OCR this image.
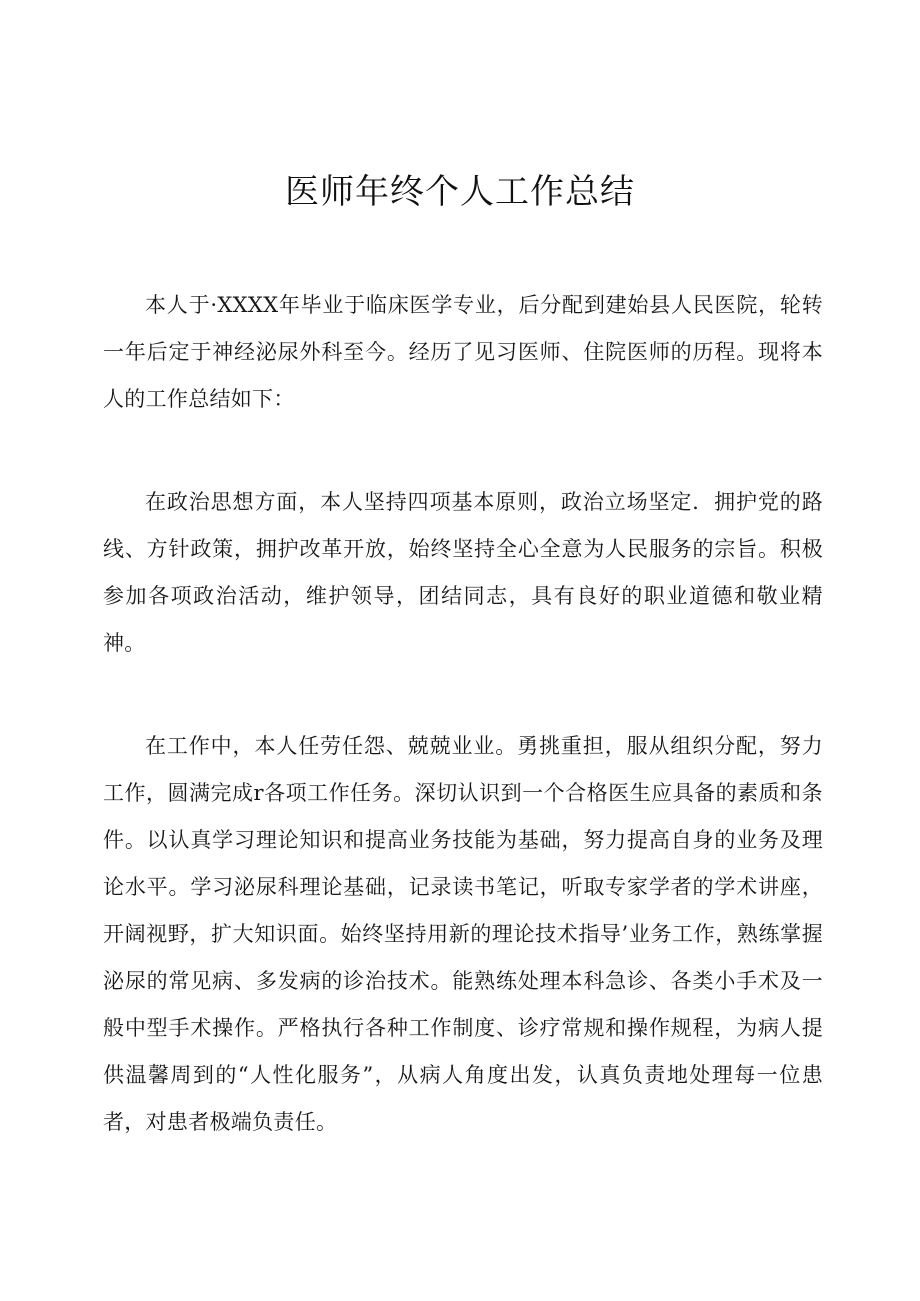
医师年终个人工作总结

本人于·XXXX年毕业于临床医学专业，后分配到建始县人民医院，轮转一年后定于神经泌尿外科至今。经历了见习医师、住院医师的历程。现将本人的工作总结如下：

在政治思想方面，本人坚持四项基本原则，政治立场坚定．拥护党的路线、方针政策，拥护改革开放，始终坚持全心全意为人民服务的宗旨。积极参加各项政治活动，维护领导，团结同志，具有良好的职业道德和敬业精神。

在工作中，本人任劳任怨、兢兢业业。勇挑重担，服从组织分配，努力工作，圆满完成r各项工作任务。深切认识到一个合格医生应具备的素质和条件。以认真学习理论知识和提高业务技能为基础，努力提高自身的业务及理论水平。学习泌尿科理论基础，记录读书笔记，听取专家学者的学术讲座，开阔视野，扩大知识面。始终坚持用新的理论技术指导’业务工作，熟练掌握泌尿的常见病、多发病的诊治技术。能熟练处理本科急诊、各类小手术及一般中型手术操作。严格执行各种工作制度、诊疗常规和操作规程，为病人提供温馨周到的“人性化服务”，从病人角度出发，认真负责地处理每一位患者，对患者极端负责任。
